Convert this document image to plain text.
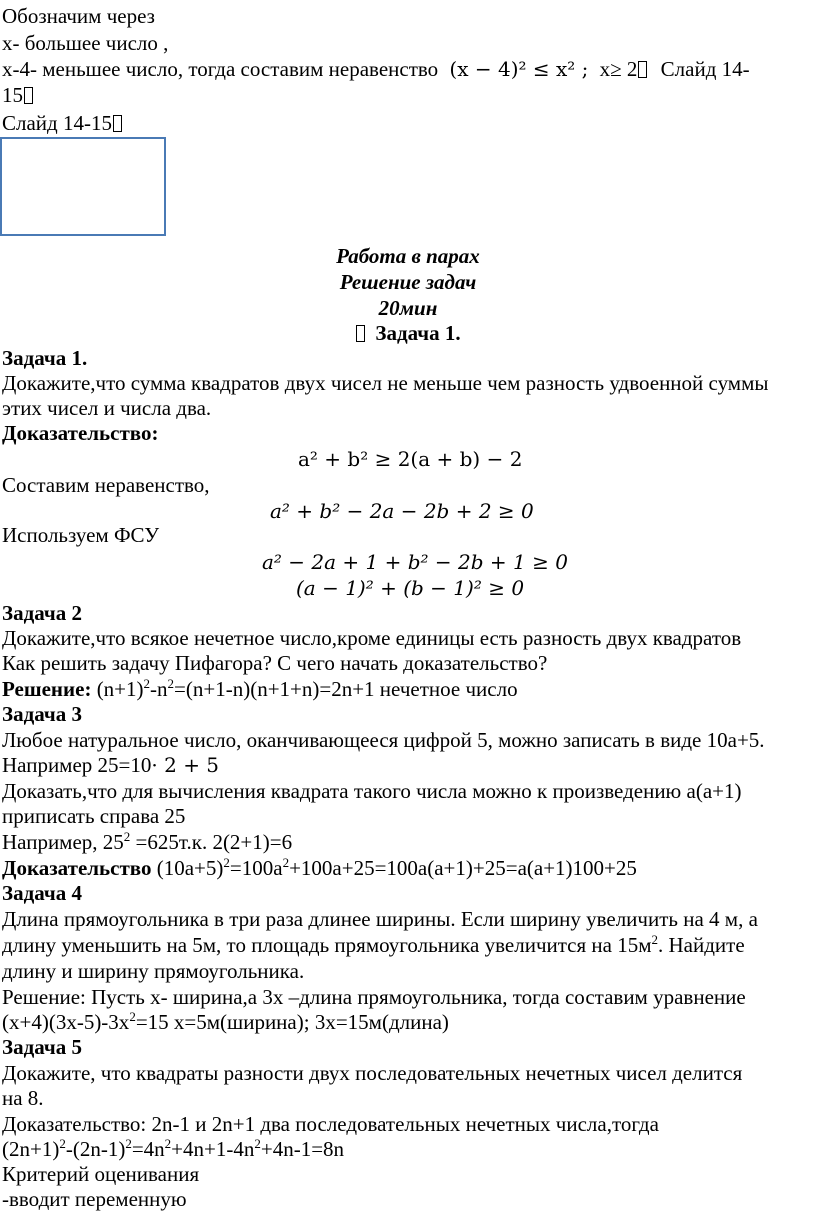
Обозначим через
х- большее число ,
х-4- меньшее число, тогда составим неравенство (x − 4)² ≤ x² ; x≥ 2 Слайд 14-
15
Слайд 14-15
Работа в парах
Решение задач
20мин
Задача 1.
Задача 1.
Докажите,что сумма квадратов двух чисел не меньше чем разность удвоенной суммы
этих чисел и числа два.
Доказательство:
a² + b² ≥ 2(a + b) − 2
Составим неравенство,
a² + b² − 2a − 2b + 2 ≥ 0
Используем ФСУ
a² − 2a + 1 + b² − 2b + 1 ≥ 0
(a − 1)² + (b − 1)² ≥ 0
Задача 2
Докажите,что всякое нечетное число,кроме единицы есть разность двух квадратов
Как решить задачу Пифагора? С чего начать доказательство?
Решение: $(n+1)^2-n^2=(n+1-n)(n+1+n)=2n+1$ нечетное число
Задача 3
Любое натуральное число, оканчивающееся цифрой 5, можно записать в виде 10а+5.
Например 25=10· 2 + 5
Доказать,что для вычисления квадрата такого числа можно к произведению а(а+1)
приписать справа 25
Например, $25^2 =625т.к$. 2(2+1)=6
Доказательство $(10а+5)^2=100а^2+100а+25=100а(а+1)+25=а(а+1)100+25$
Задача 4
Длина прямоугольника в три раза длинее ширины. Если ширину увеличить на 4 м, а
длину уменьшить на 5м, то площадь прямоугольника увеличится на $15м^2$. Найдите
длину и ширину прямоугольника.
Решение: Пусть х- ширина,а 3х –длина прямоугольника, тогда составим уравнение
$(х+4)(3х-5)-3х^2=15$ х=5м(ширина); 3х=15м(длина)
Задача 5
Докажите, что квадраты разности двух последовательных нечетных чисел делится
на 8.
Доказательство: 2n-1 и 2n+1 два последовательных нечетных числа,тогда
$(2n+1)^2-(2n-1)^2=4n^2+4n+1-4n^2+4n-1=8n$
Критерий оценивания
-вводит переменную
